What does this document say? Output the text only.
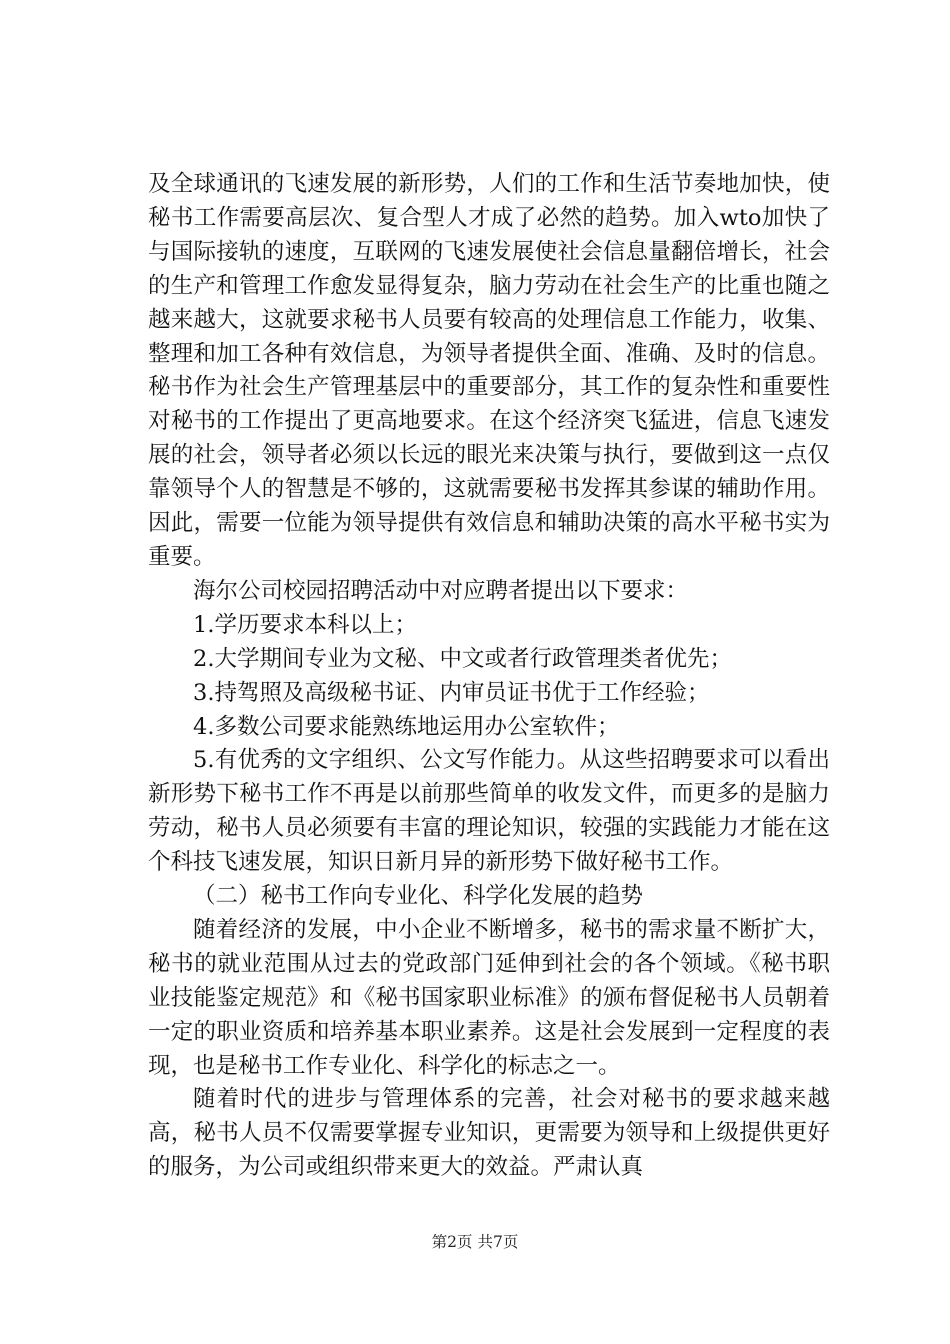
及全球通讯的飞速发展的新形势，人们的工作和生活节奏地加快，使秘书工作需要高层次、复合型人才成了必然的趋势。加入wto加快了与国际接轨的速度，互联网的飞速发展使社会信息量翻倍增长，社会的生产和管理工作愈发显得复杂，脑力劳动在社会生产的比重也随之越来越大，这就要求秘书人员要有较高的处理信息工作能力，收集、整理和加工各种有效信息，为领导者提供全面、准确、及时的信息。秘书作为社会生产管理基层中的重要部分，其工作的复杂性和重要性对秘书的工作提出了更高地要求。在这个经济突飞猛进，信息飞速发展的社会，领导者必须以长远的眼光来决策与执行，要做到这一点仅靠领导个人的智慧是不够的，这就需要秘书发挥其参谋的辅助作用。因此，需要一位能为领导提供有效信息和辅助决策的高水平秘书实为重要。

海尔公司校园招聘活动中对应聘者提出以下要求：

1.学历要求本科以上；

2.大学期间专业为文秘、中文或者行政管理类者优先；

3.持驾照及高级秘书证、内审员证书优于工作经验；

4.多数公司要求能熟练地运用办公室软件；

5.有优秀的文字组织、公文写作能力。从这些招聘要求可以看出新形势下秘书工作不再是以前那些简单的收发文件，而更多的是脑力劳动，秘书人员必须要有丰富的理论知识，较强的实践能力才能在这个科技飞速发展，知识日新月异的新形势下做好秘书工作。

（二）秘书工作向专业化、科学化发展的趋势

随着经济的发展，中小企业不断增多，秘书的需求量不断扩大，秘书的就业范围从过去的党政部门延伸到社会的各个领域。《秘书职业技能鉴定规范》和《秘书国家职业标准》的颁布督促秘书人员朝着一定的职业资质和培养基本职业素养。这是社会发展到一定程度的表现，也是秘书工作专业化、科学化的标志之一。

随着时代的进步与管理体系的完善，社会对秘书的要求越来越高，秘书人员不仅需要掌握专业知识，更需要为领导和上级提供更好的服务，为公司或组织带来更大的效益。严肃认真

第2页 共7页
